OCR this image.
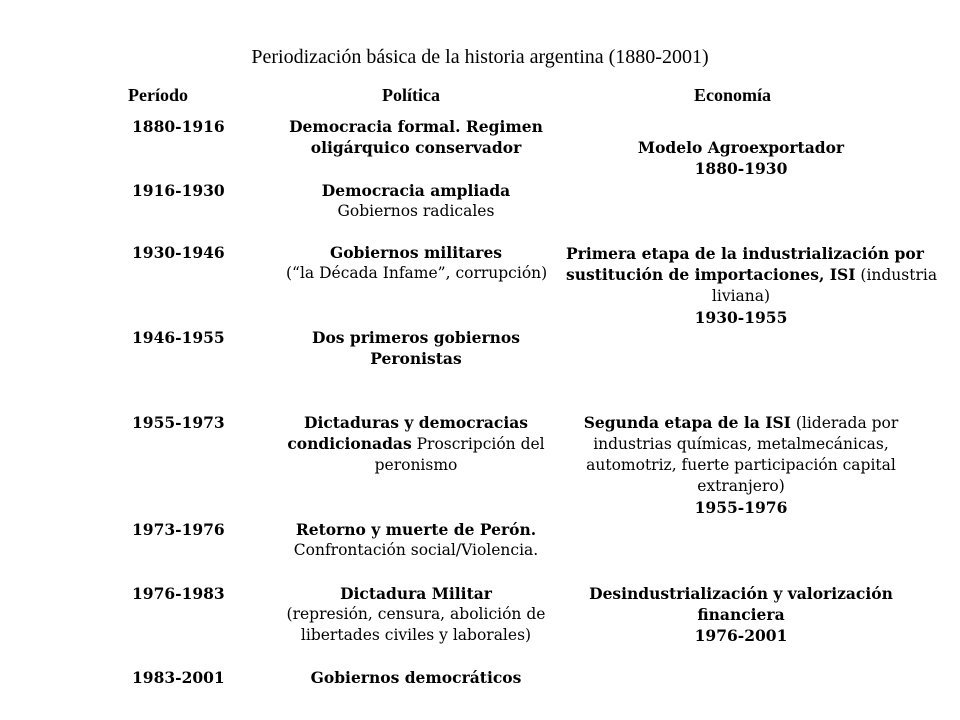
Periodización básica de la historia argentina (1880-2001)
Período	Política	Economía
1880-1916
1916-1930
1930-1946
1946-1955
1955-1973
1973-1976
1976-1983
1983-2001
Democracia formal. Regimen
oligárquico conservador
Democracia ampliada
Gobiernos radicales
Gobiernos militares
(“la Década Infame”, corrupción)
Dos primeros gobiernos
Peronistas
Dictaduras y democracias
condicionadas Proscripción del
peronismo
Retorno y muerte de Perón.
Confrontación social/Violencia.
Dictadura Militar
(represión, censura, abolición de
libertades civiles y laborales)
Gobiernos democráticos
Modelo Agroexportador
1880-1930
Primera etapa de la industrialización por
sustitución de importaciones, ISI (industria
liviana)
1930-1955
Segunda etapa de la ISI (liderada por
industrias químicas, metalmecánicas,
automotriz, fuerte participación capital
extranjero)
1955-1976
Desindustrialización y valorización
financiera
1976-2001
